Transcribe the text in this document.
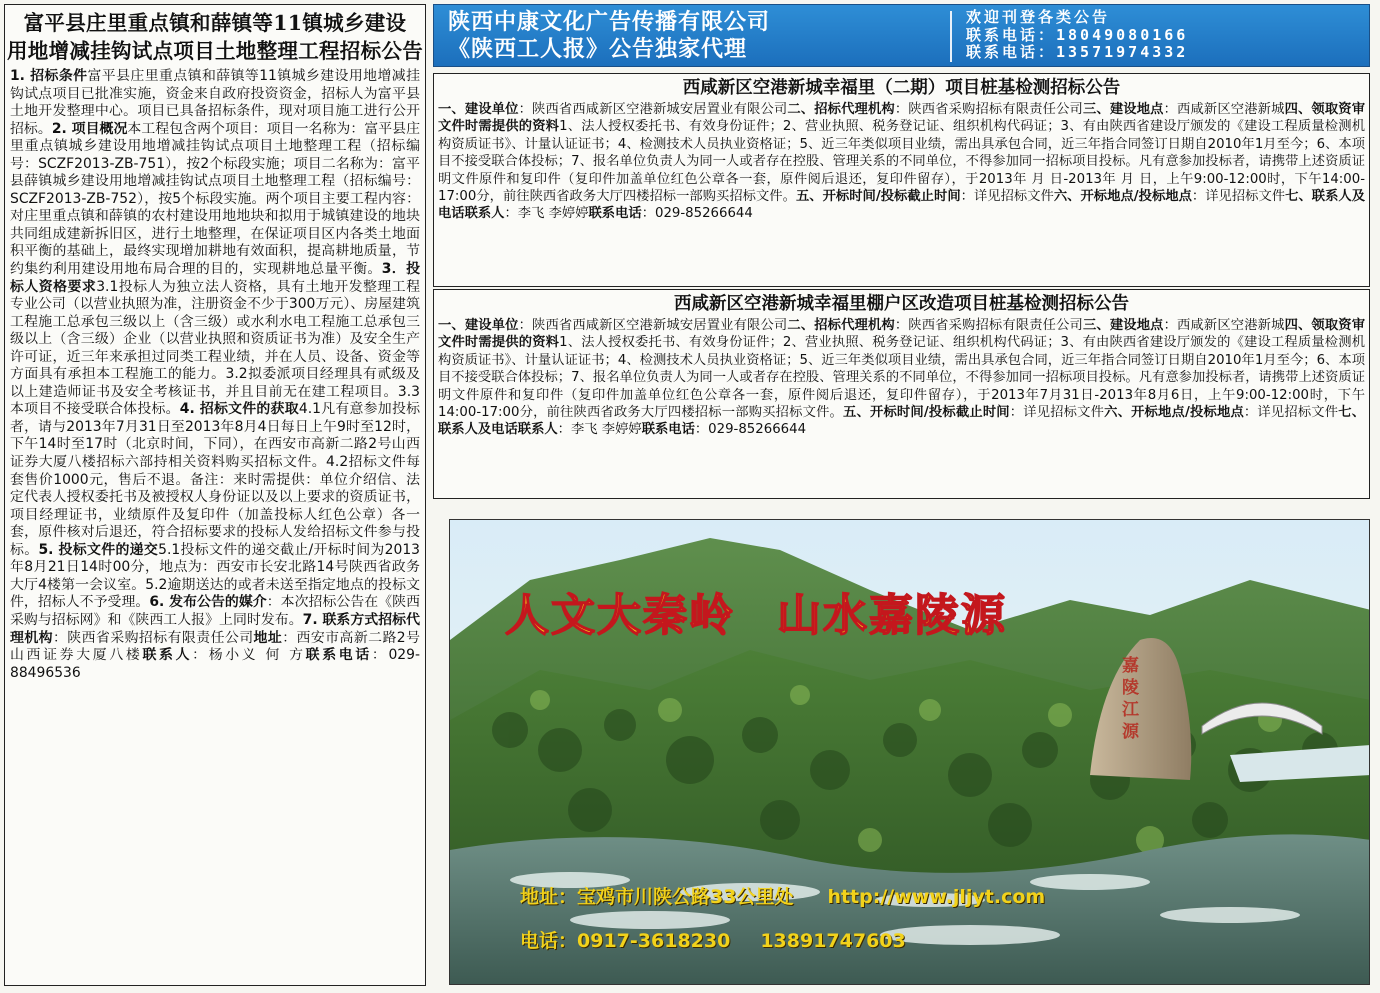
富平县庄里重点镇和薛镇等11镇城乡建设
用地增减挂钩试点项目土地整理工程招标公告
1. 招标条件富平县庄里重点镇和薛镇等11镇城乡建设用地增减挂钩试点项目已批准实施，资金来自政府投资资金，招标人为富平县土地开发整理中心。项目已具备招标条件，现对项目施工进行公开招标。2. 项目概况本工程包含两个项目：项目一名称为：富平县庄里重点镇城乡建设用地增减挂钩试点项目土地整理工程（招标编号：SCZF2013-ZB-751），按2个标段实施；项目二名称为：富平县薛镇城乡建设用地增减挂钩试点项目土地整理工程（招标编号：SCZF2013-ZB-752），按5个标段实施。两个项目主要工程内容：对庄里重点镇和薛镇的农村建设用地地块和拟用于城镇建设的地块共同组成建新拆旧区，进行土地整理，在保证项目区内各类土地面积平衡的基础上，最终实现增加耕地有效面积，提高耕地质量，节约集约利用建设用地布局合理的目的，实现耕地总量平衡。3．投标人资格要求3.1投标人为独立法人资格，具有土地开发整理工程专业公司（以营业执照为准，注册资金不少于300万元）、房屋建筑工程施工总承包三级以上（含三级）或水利水电工程施工总承包三级以上（含三级）企业（以营业执照和资质证书为准）及安全生产许可证，近三年来承担过同类工程业绩，并在人员、设备、资金等方面具有承担本工程施工的能力。3.2拟委派项目经理具有贰级及以上建造师证书及安全考核证书，并且目前无在建工程项目。3.3本项目不接受联合体投标。4. 招标文件的获取4.1凡有意参加投标者，请与2013年7月31日至2013年8月4日每日上午9时至12时，下午14时至17时（北京时间，下同），在西安市高新二路2号山西证券大厦八楼招标六部持相关资料购买招标文件。4.2招标文件每套售价1000元，售后不退。备注：来时需提供：单位介绍信、法定代表人授权委托书及被授权人身份证以及以上要求的资质证书，项目经理证书，业绩原件及复印件（加盖投标人红色公章）各一套，原件核对后退还，符合招标要求的投标人发给招标文件参与投标。5. 投标文件的递交5.1投标文件的递交截止/开标时间为2013年8月21日14时00分，地点为：西安市长安北路14号陕西省政务大厅4楼第一会议室。5.2逾期送达的或者未送至指定地点的投标文件，招标人不予受理。6. 发布公告的媒介：本次招标公告在《陕西采购与招标网》和《陕西工人报》上同时发布。7. 联系方式招标代理机构：陕西省采购招标有限责任公司地址：西安市高新二路2号山西证券大厦八楼联系人：杨小义 何 方联系电话：029-88496536
陕西中康文化广告传播有限公司
《陕西工人报》公告独家代理
欢迎刊登各类公告
联系电话：18049080166
联系电话：13571974332
西咸新区空港新城幸福里（二期）项目桩基检测招标公告
一、建设单位：陕西省西咸新区空港新城安居置业有限公司二、招标代理机构：陕西省采购招标有限责任公司三、建设地点：西咸新区空港新城四、领取资审文件时需提供的资料1、法人授权委托书、有效身份证件；2、营业执照、税务登记证、组织机构代码证；3、有由陕西省建设厅颁发的《建设工程质量检测机构资质证书》、计量认证证书；4、检测技术人员执业资格证；5、近三年类似项目业绩，需出具承包合同，近三年指合同签订日期自2010年1月至今；6、本项目不接受联合体投标；7、报名单位负责人为同一人或者存在控股、管理关系的不同单位，不得参加同一招标项目投标。凡有意参加投标者，请携带上述资质证明文件原件和复印件（复印件加盖单位红色公章各一套，原件阅后退还，复印件留存），于2013年 月 日-2013年 月 日，上午9:00-12:00时，下午14:00-17:00分，前往陕西省政务大厅四楼招标一部购买招标文件。五、开标时间/投标截止时间：详见招标文件六、开标地点/投标地点：详见招标文件七、联系人及电话联系人：李飞 李婷婷联系电话：029-85266644
西咸新区空港新城幸福里棚户区改造项目桩基检测招标公告
一、建设单位：陕西省西咸新区空港新城安居置业有限公司二、招标代理机构：陕西省采购招标有限责任公司三、建设地点：西咸新区空港新城四、领取资审文件时需提供的资料1、法人授权委托书、有效身份证件；2、营业执照、税务登记证、组织机构代码证；3、有由陕西省建设厅颁发的《建设工程质量检测机构资质证书》、计量认证证书；4、检测技术人员执业资格证；5、近三年类似项目业绩，需出具承包合同，近三年指合同签订日期自2010年1月至今；6、本项目不接受联合体投标；7、报名单位负责人为同一人或者存在控股、管理关系的不同单位，不得参加同一招标项目投标。凡有意参加投标者，请携带上述资质证明文件原件和复印件（复印件加盖单位红色公章各一套，原件阅后退还，复印件留存），于2013年7月31日-2013年8月6日，上午9:00-12:00时，下午14:00-17:00分，前往陕西省政务大厅四楼招标一部购买招标文件。五、开标时间/投标截止时间：详见招标文件六、开标地点/投标地点：详见招标文件七、联系人及电话联系人：李飞 李婷婷联系电话：029-85266644
人文大秦岭 山水嘉陵源
嘉陵江源
地址：宝鸡市川陕公路33公里处 http://www.jljyt.com
电话：0917-3618230 13891747603
